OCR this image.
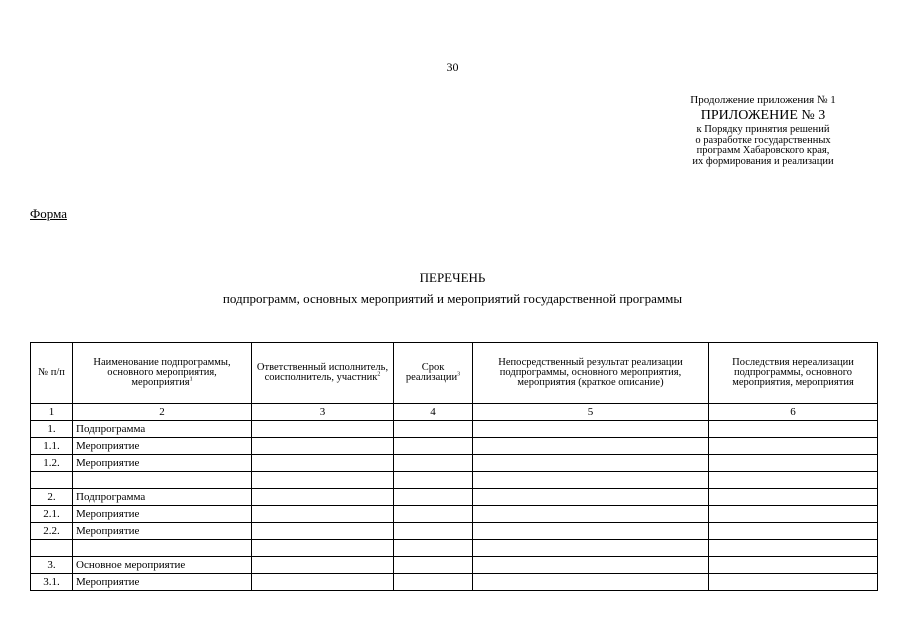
30
Продолжение приложения № 1
ПРИЛОЖЕНИЕ № 3
к Порядку принятия решений
о разработке государственных
программ Хабаровского края,
их формирования и реализации
Форма
ПЕРЕЧЕНЬ
подпрограмм, основных мероприятий и мероприятий государственной программы
№ п/п	Наименование подпрограммы, основного мероприятия, мероприятия$^1$	Ответственный исполнитель, соисполнитель, участник$^2$	Срок реализации$^3$	Непосредственный результат реализации подпрограммы, основного мероприятия, мероприятия (краткое описание)	Последствия нереализации подпрограммы, основного мероприятия, мероприятия
1	2	3	4	5	6
1.	Подпрограмма				
1.1.	Мероприятие				
1.2.	Мероприятие				

2.	Подпрограмма				
2.1.	Мероприятие				
2.2.	Мероприятие				

3.	Основное мероприятие				
3.1.	Мероприятие				
